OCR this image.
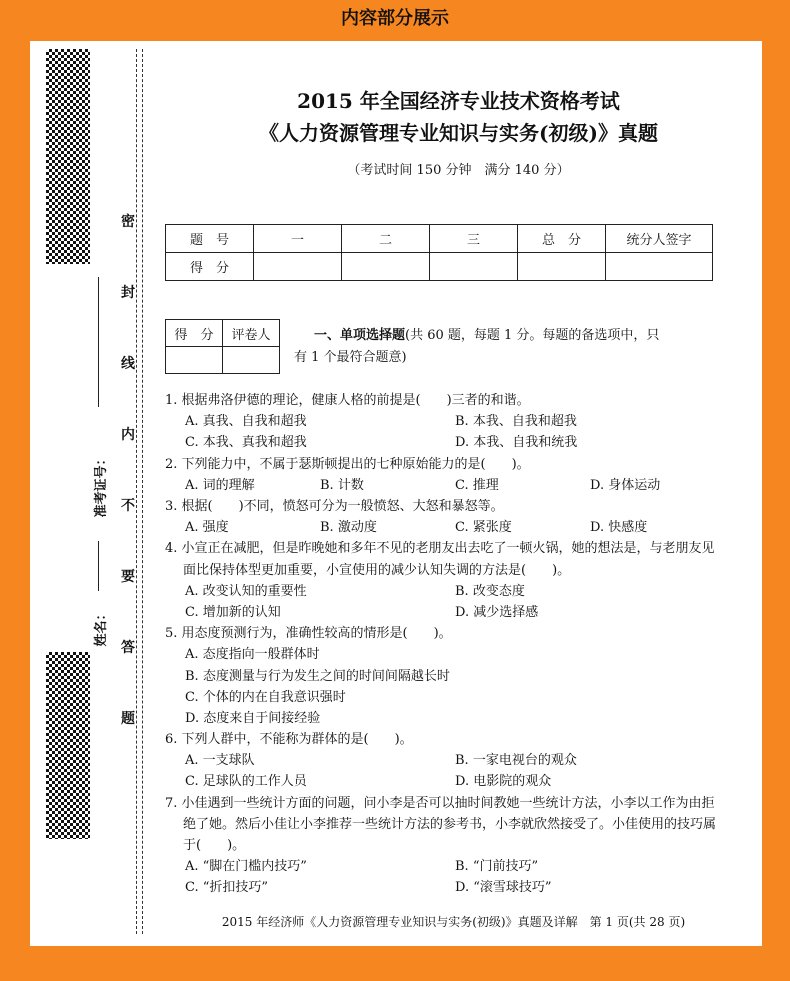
内容部分展示
密
封
线
内
不
要
答
题
准考证号：
姓名：
2015 年全国经济专业技术资格考试
《人力资源管理专业知识与实务(初级)》真题
（考试时间 150 分钟　满分 140 分）
题　号	一	二	三	总　分	统分人签字
得　分					
得　分	评卷人
		一、单项选择题(共 60 题，每题 1 分。每题的备选项中，只
有 1 个最符合题意)
1. 根据弗洛伊德的理论，健康人格的前提是(　　)三者的和谐。
A. 真我、自我和超我	B. 本我、自我和超我
C. 本我、真我和超我	D. 本我、自我和统我
2. 下列能力中，不属于瑟斯顿提出的七种原始能力的是(　　)。
A. 词的理解	B. 计数	C. 推理	D. 身体运动
3. 根据(　　)不同，愤怒可分为一般愤怒、大怒和暴怒等。
A. 强度	B. 激动度	C. 紧张度	D. 快感度
4. 小宣正在减肥，但是昨晚她和多年不见的老朋友出去吃了一顿火锅，她的想法是，与老朋友见面比保持体型更加重要，小宣使用的减少认知失调的方法是(　　)。
A. 改变认知的重要性	B. 改变态度
C. 增加新的认知	D. 减少选择感
5. 用态度预测行为，准确性较高的情形是(　　)。
A. 态度指向一般群体时
B. 态度测量与行为发生之间的时间间隔越长时
C. 个体的内在自我意识强时
D. 态度来自于间接经验
6. 下列人群中，不能称为群体的是(　　)。
A. 一支球队	B. 一家电视台的观众
C. 足球队的工作人员	D. 电影院的观众
7. 小佳遇到一些统计方面的问题，问小李是否可以抽时间教她一些统计方法，小李以工作为由拒绝了她。然后小佳让小李推荐一些统计方法的参考书，小李就欣然接受了。小佳使用的技巧属于(　　)。
A. “脚在门槛内技巧”	B. “门前技巧”
C. “折扣技巧”	D. “滚雪球技巧”
2015 年经济师《人力资源管理专业知识与实务(初级)》真题及详解　第 1 页(共 28 页)
